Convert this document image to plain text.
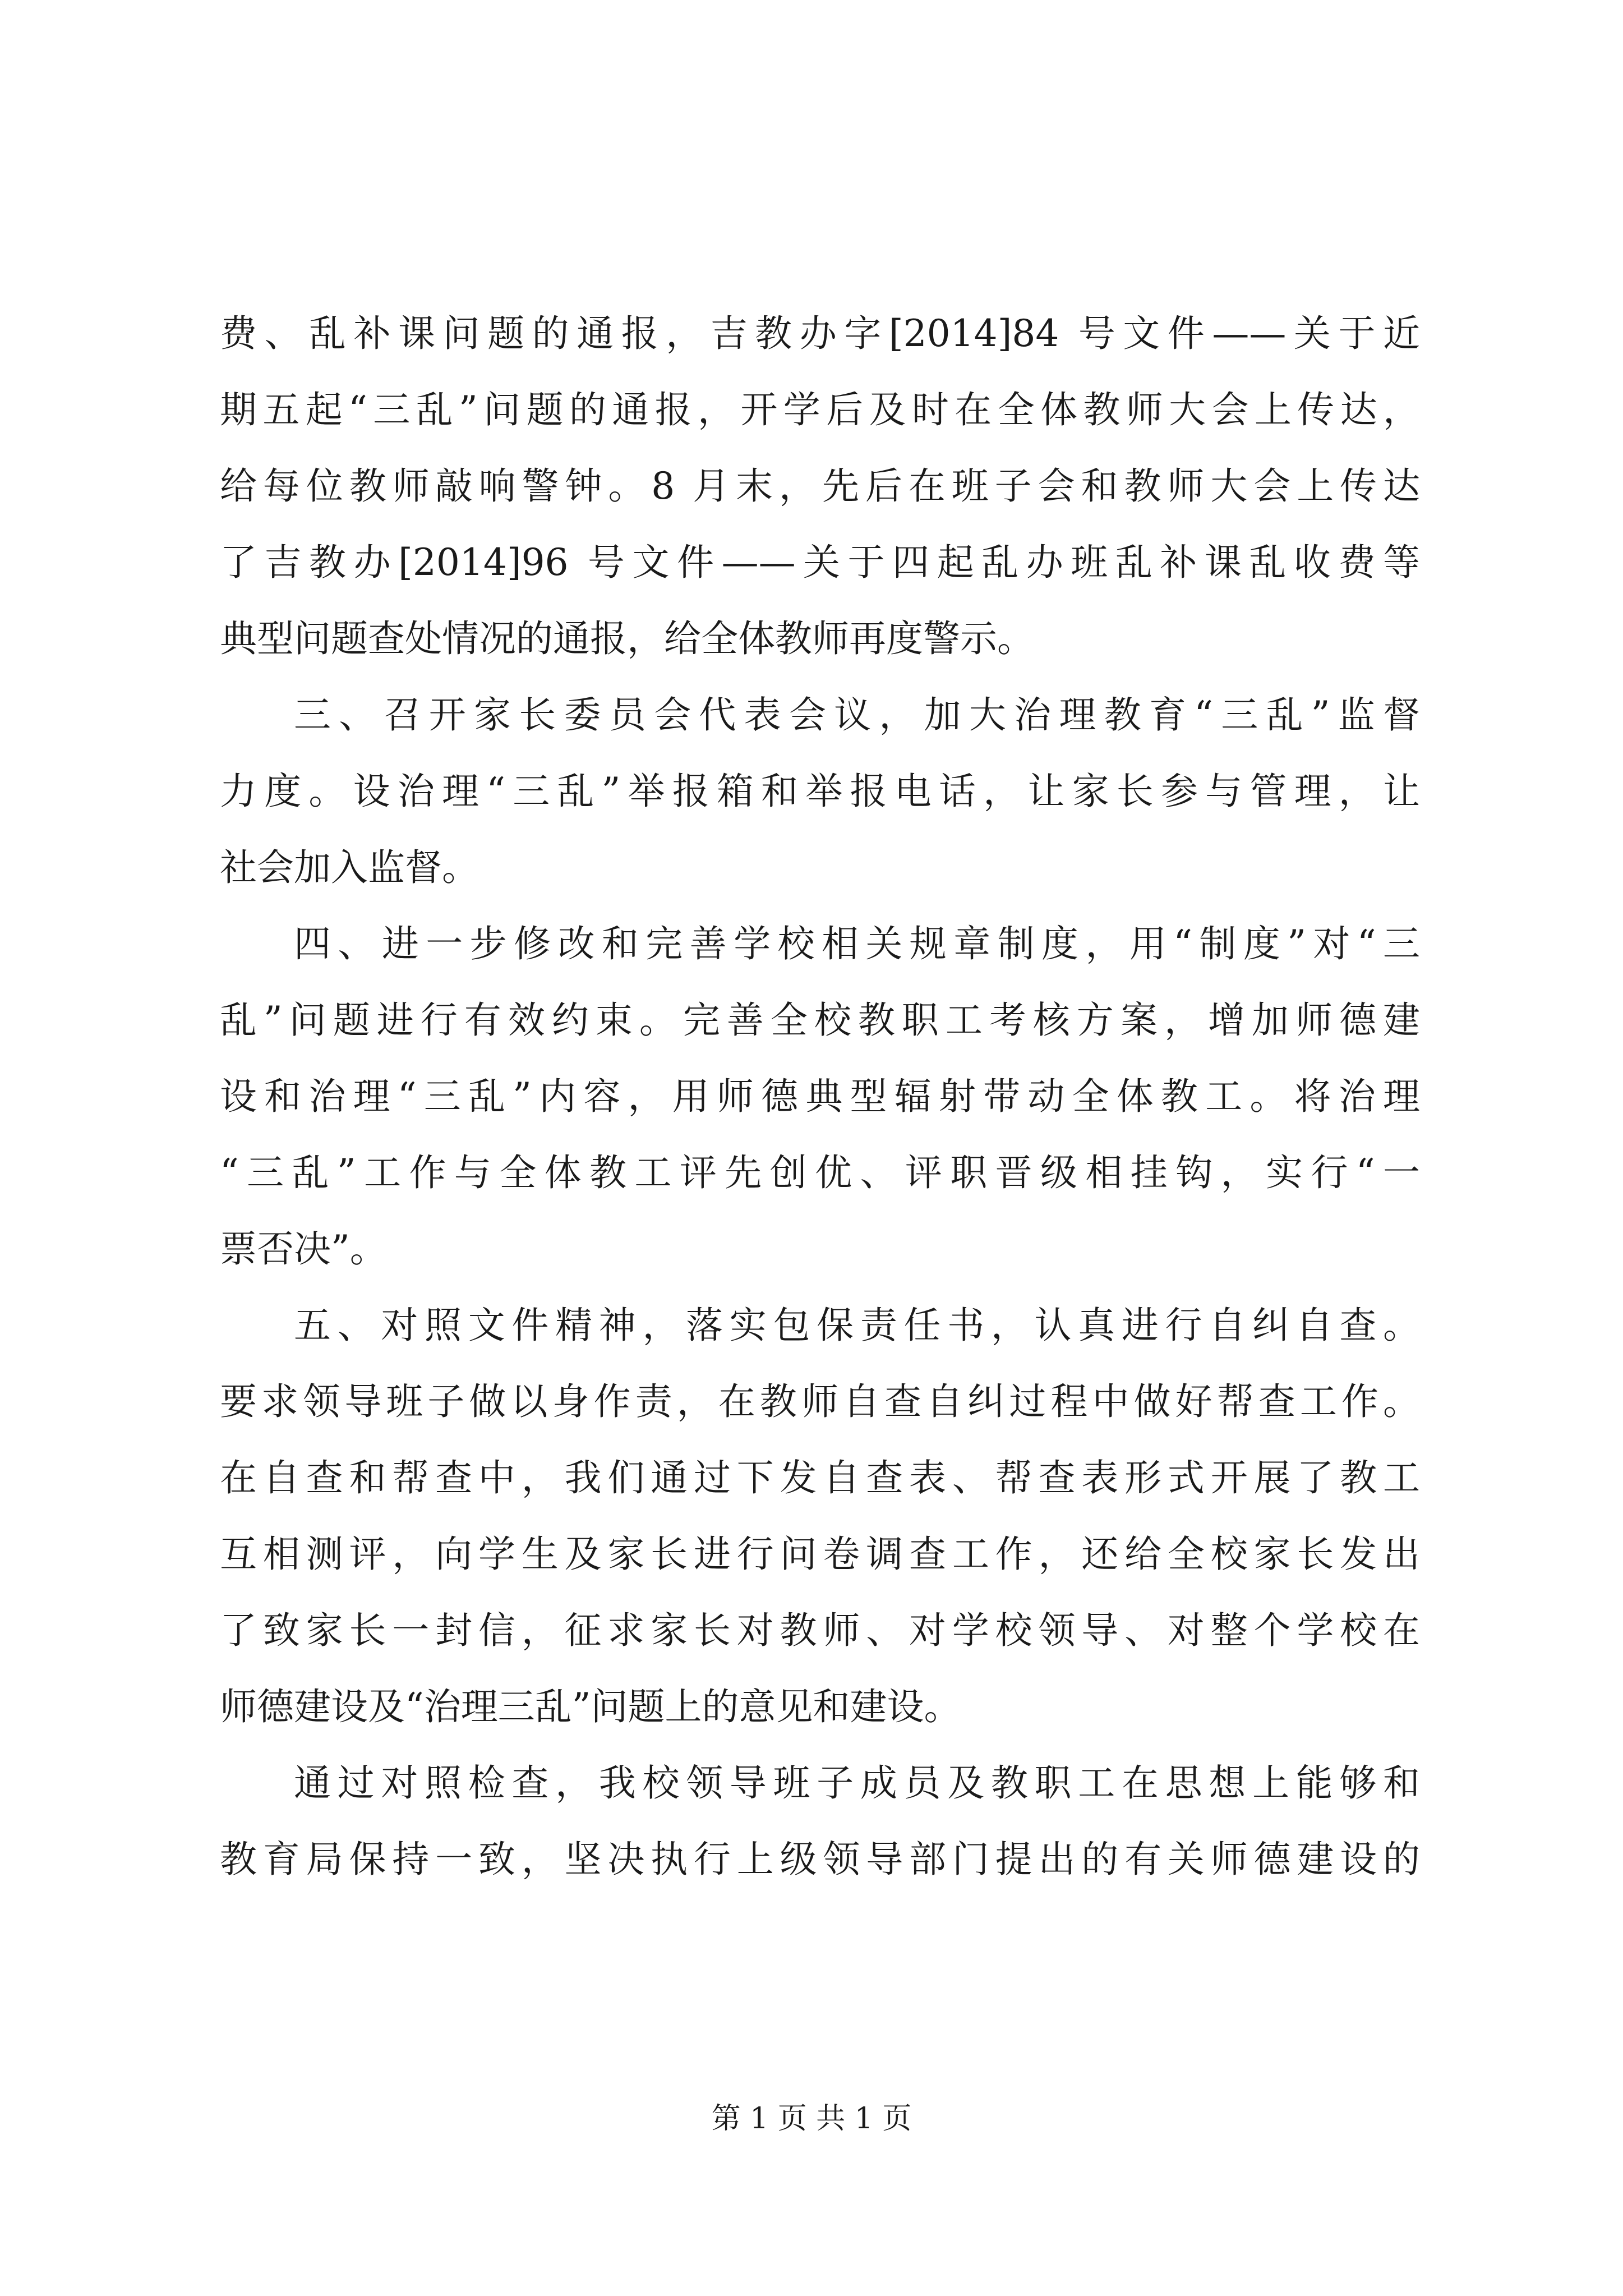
费、乱补课问题的通报，吉教办字[2014]84 号文件——关于近
期五起“三乱”问题的通报，开学后及时在全体教师大会上传达，
给每位教师敲响警钟。8 月末，先后在班子会和教师大会上传达
了吉教办[2014]96 号文件——关于四起乱办班乱补课乱收费等
典型问题查处情况的通报，给全体教师再度警示。
三、召开家长委员会代表会议，加大治理教育“三乱”监督
力度。设治理“三乱”举报箱和举报电话，让家长参与管理，让
社会加入监督。
四、进一步修改和完善学校相关规章制度，用“制度”对“三
乱”问题进行有效约束。完善全校教职工考核方案，增加师德建
设和治理“三乱”内容，用师德典型辐射带动全体教工。将治理
“三乱”工作与全体教工评先创优、评职晋级相挂钩，实行“一
票否决”。
五、对照文件精神，落实包保责任书，认真进行自纠自查。
要求领导班子做以身作责，在教师自查自纠过程中做好帮查工作。
在自查和帮查中，我们通过下发自查表、帮查表形式开展了教工
互相测评，向学生及家长进行问卷调查工作，还给全校家长发出
了致家长一封信，征求家长对教师、对学校领导、对整个学校在
师德建设及“治理三乱”问题上的意见和建设。
通过对照检查，我校领导班子成员及教职工在思想上能够和
教育局保持一致，坚决执行上级领导部门提出的有关师德建设的
第 1 页 共 1 页
